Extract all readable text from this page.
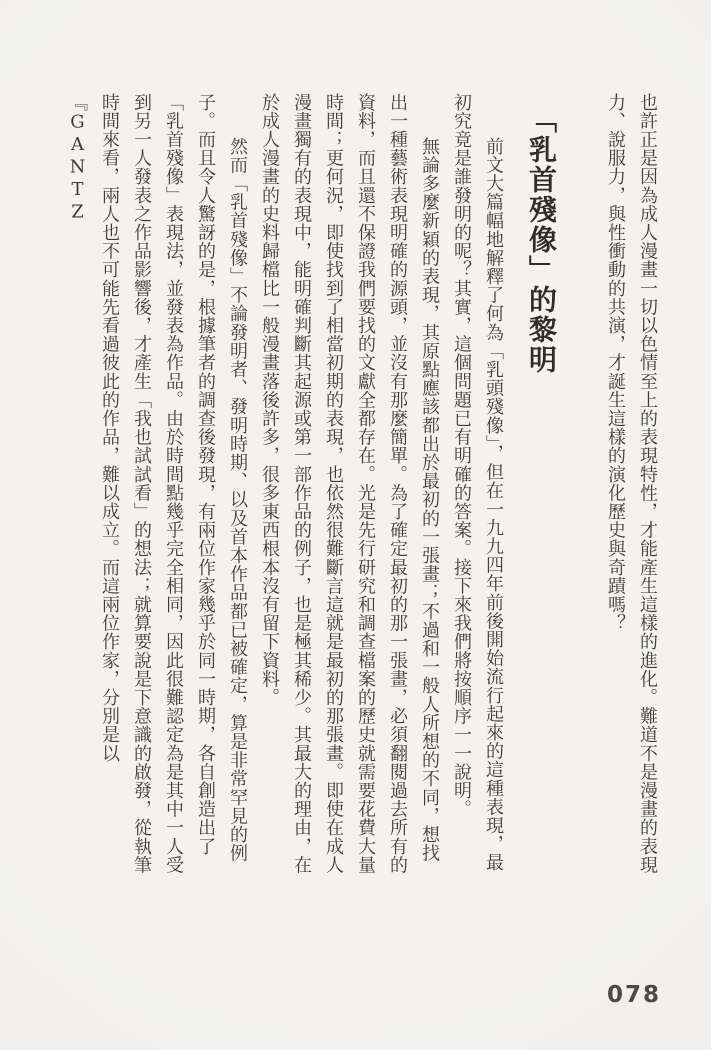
也許正是因為成人漫畫一切以色情至上的表現特性，才能產生這樣的進化。難道不是漫畫的表現力、說服力，與性衝動的共演，才誕生這樣的演化歷史與奇蹟嗎？

「乳首殘像」的黎明

前文大篇幅地解釋了何為「乳頭殘像」，但在一九九四年前後開始流行起來的這種表現，最初究竟是誰發明的呢？其實，這個問題已有明確的答案。接下來我們將按順序一一說明。

無論多麼新穎的表現，其原點應該都出於最初的一張畫；不過和一般人所想的不同，想找出一種藝術表現明確的源頭，並沒有那麼簡單。為了確定最初的那一張畫，必須翻閱過去所有的資料，而且還不保證我們要找的文獻全都存在。光是先行研究和調查檔案的歷史就需要花費大量時間；更何況，即使找到了相當初期的表現，也依然很難斷言這就是最初的那張畫。即使在成人漫畫獨有的表現中，能明確判斷其起源或第一部作品的例子，也是極其稀少。其最大的理由，在於成人漫畫的史料歸檔比一般漫畫落後許多，很多東西根本沒有留下資料。

然而「乳首殘像」不論發明者、發明時期、以及首本作品都已被確定，算是非常罕見的例子。而且令人驚訝的是，根據筆者的調查後發現，有兩位作家幾乎於同一時期，各自創造出了「乳首殘像」表現法，並發表為作品。由於時間點幾乎完全相同，因此很難認定為是其中一人受到另一人發表之作品影響後，才產生「我也試試看」的想法；就算要說是下意識的啟發，從執筆時間來看，兩人也不可能先看過彼此的作品，難以成立。而這兩位作家，分別是以『GANTZ

078
